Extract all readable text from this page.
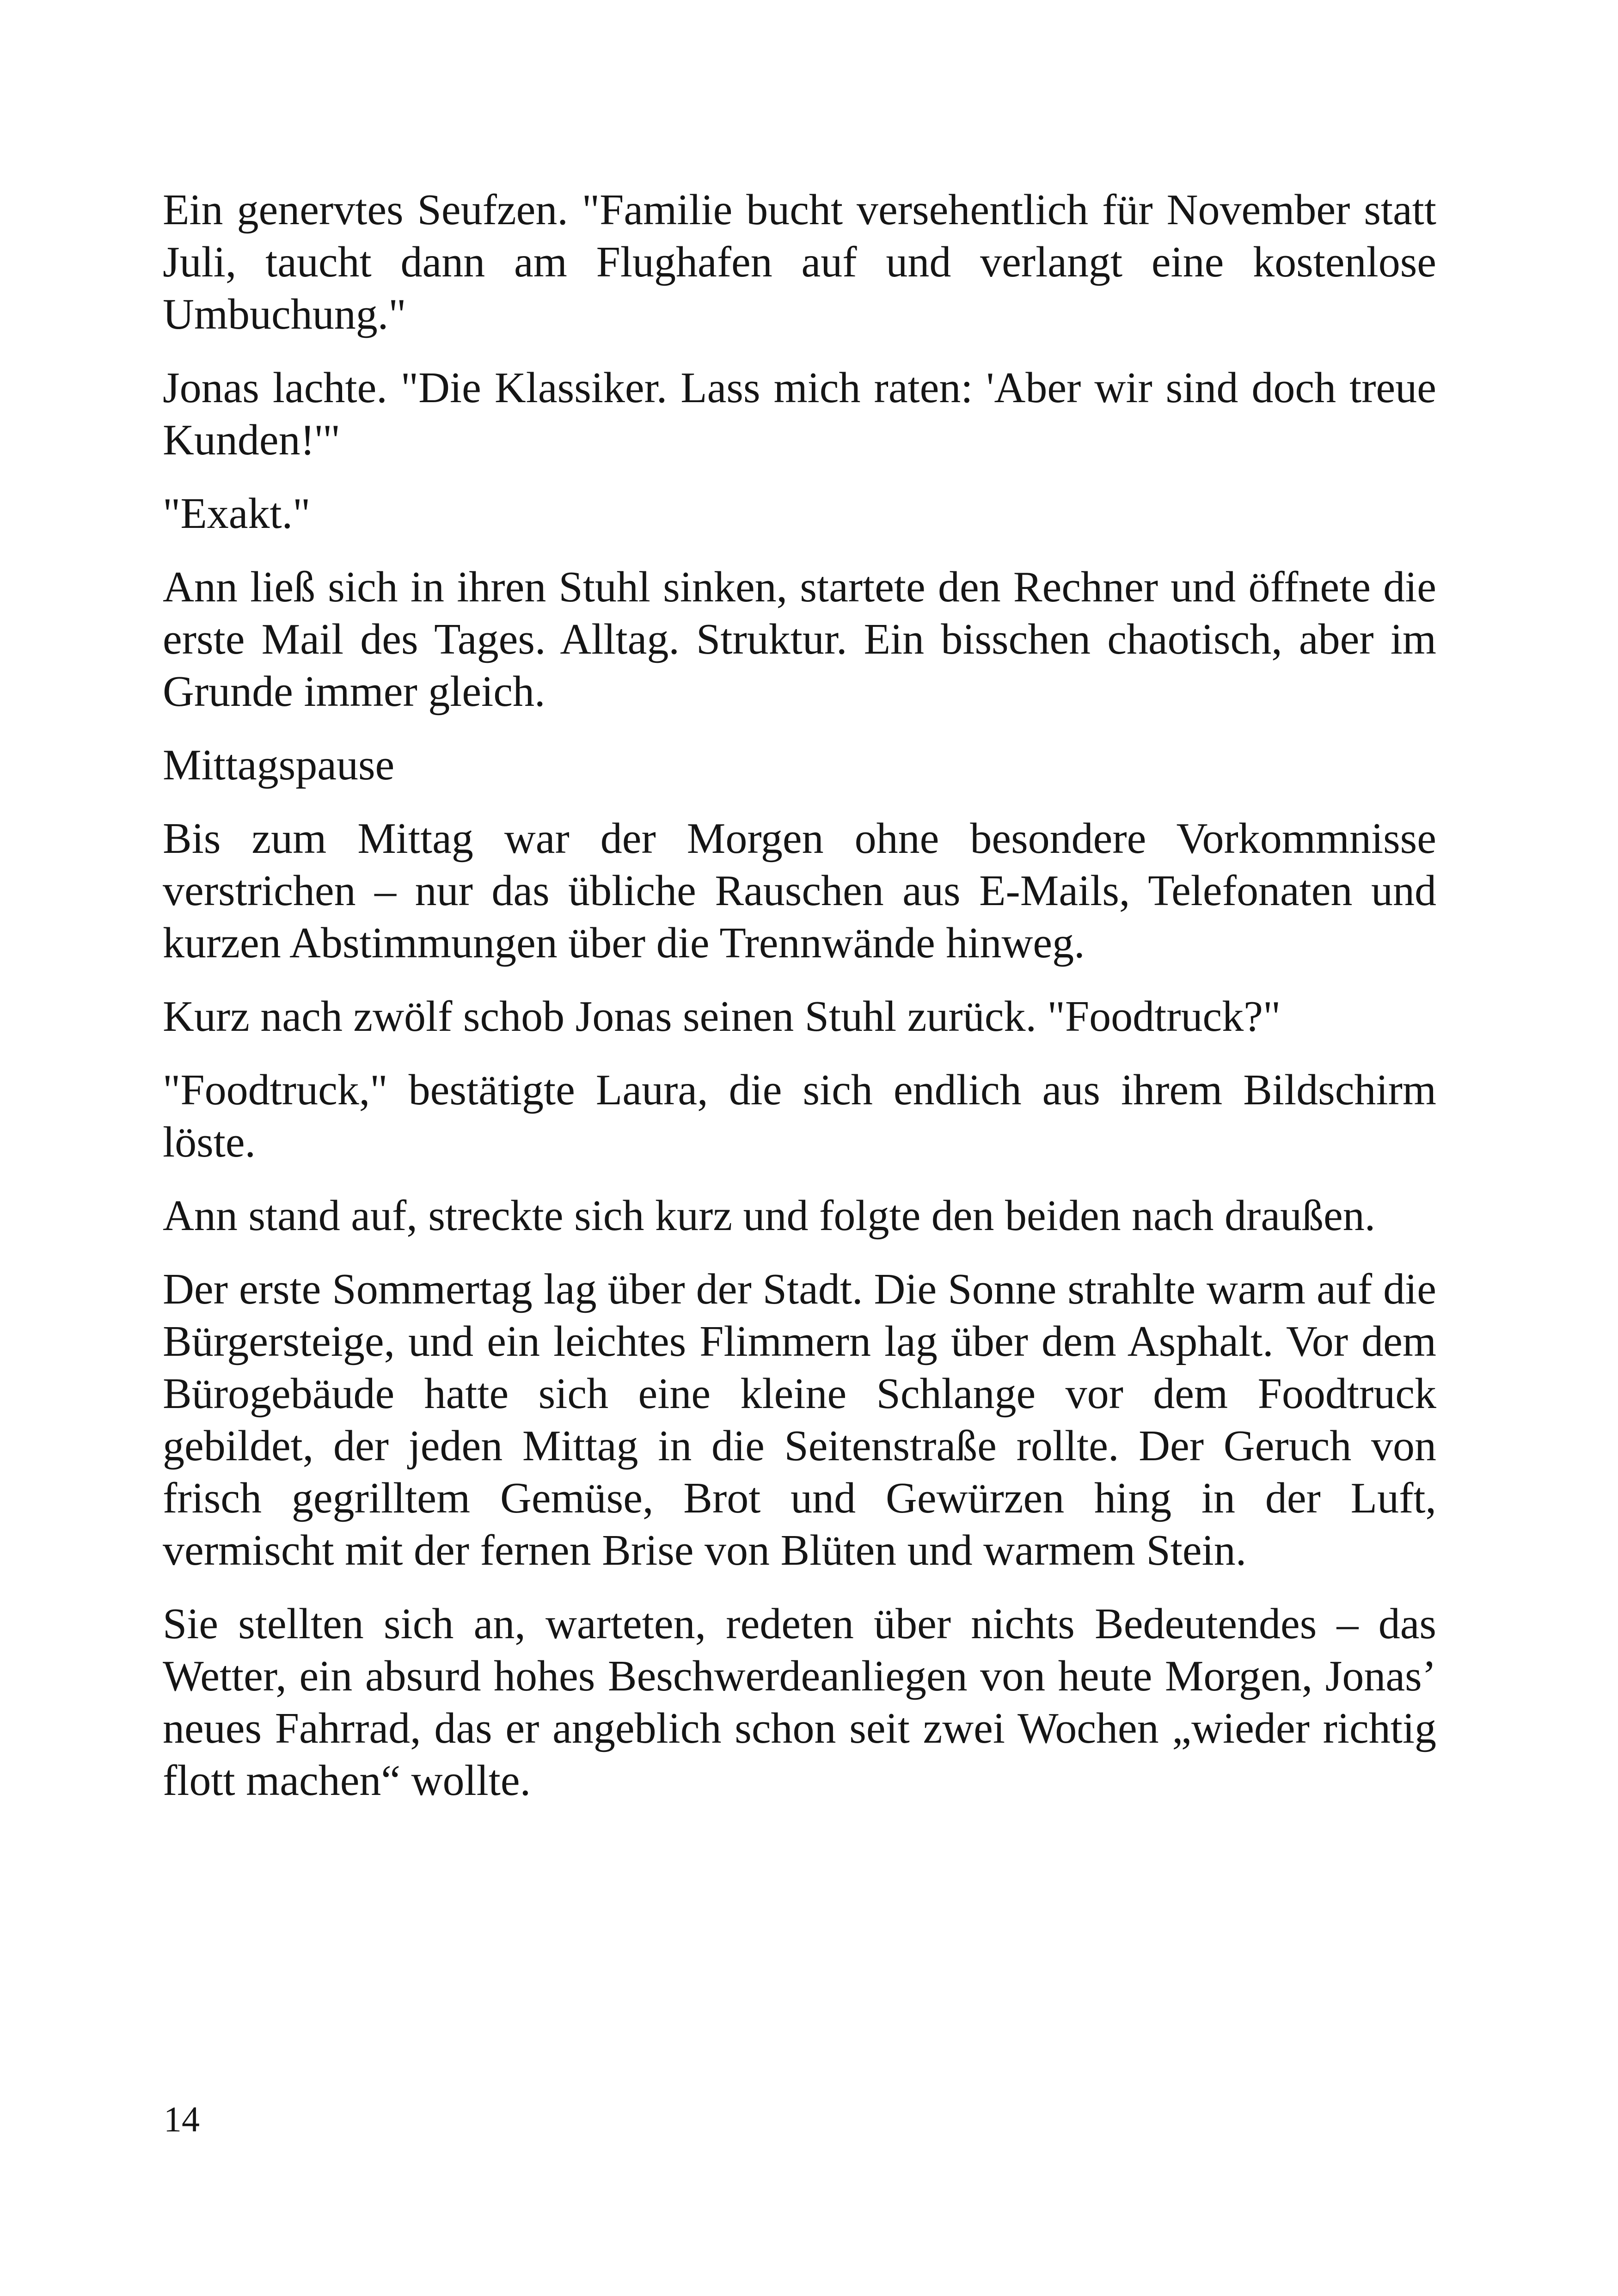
Ein genervtes Seufzen. "Familie bucht versehentlich für November statt Juli, taucht dann am Flughafen auf und verlangt eine kostenlose Umbuchung."

Jonas lachte. "Die Klassiker. Lass mich raten: 'Aber wir sind doch treue Kunden!'"

"Exakt."

Ann ließ sich in ihren Stuhl sinken, startete den Rechner und öffnete die erste Mail des Tages. Alltag. Struktur. Ein bisschen chaotisch, aber im Grunde immer gleich.

Mittagspause

Bis zum Mittag war der Morgen ohne besondere Vorkommnisse verstrichen – nur das übliche Rauschen aus E-Mails, Telefonaten und kurzen Abstimmungen über die Trennwände hinweg.

Kurz nach zwölf schob Jonas seinen Stuhl zurück. "Foodtruck?"

"Foodtruck," bestätigte Laura, die sich endlich aus ihrem Bildschirm löste.

Ann stand auf, streckte sich kurz und folgte den beiden nach draußen.

Der erste Sommertag lag über der Stadt. Die Sonne strahlte warm auf die Bürgersteige, und ein leichtes Flimmern lag über dem Asphalt. Vor dem Bürogebäude hatte sich eine kleine Schlange vor dem Foodtruck gebildet, der jeden Mittag in die Seitenstraße rollte. Der Geruch von frisch gegrilltem Gemüse, Brot und Gewürzen hing in der Luft, vermischt mit der fernen Brise von Blüten und warmem Stein.

Sie stellten sich an, warteten, redeten über nichts Bedeutendes – das Wetter, ein absurd hohes Beschwerdeanliegen von heute Morgen, Jonas’ neues Fahrrad, das er angeblich schon seit zwei Wochen „wieder richtig flott machen“ wollte.

14
